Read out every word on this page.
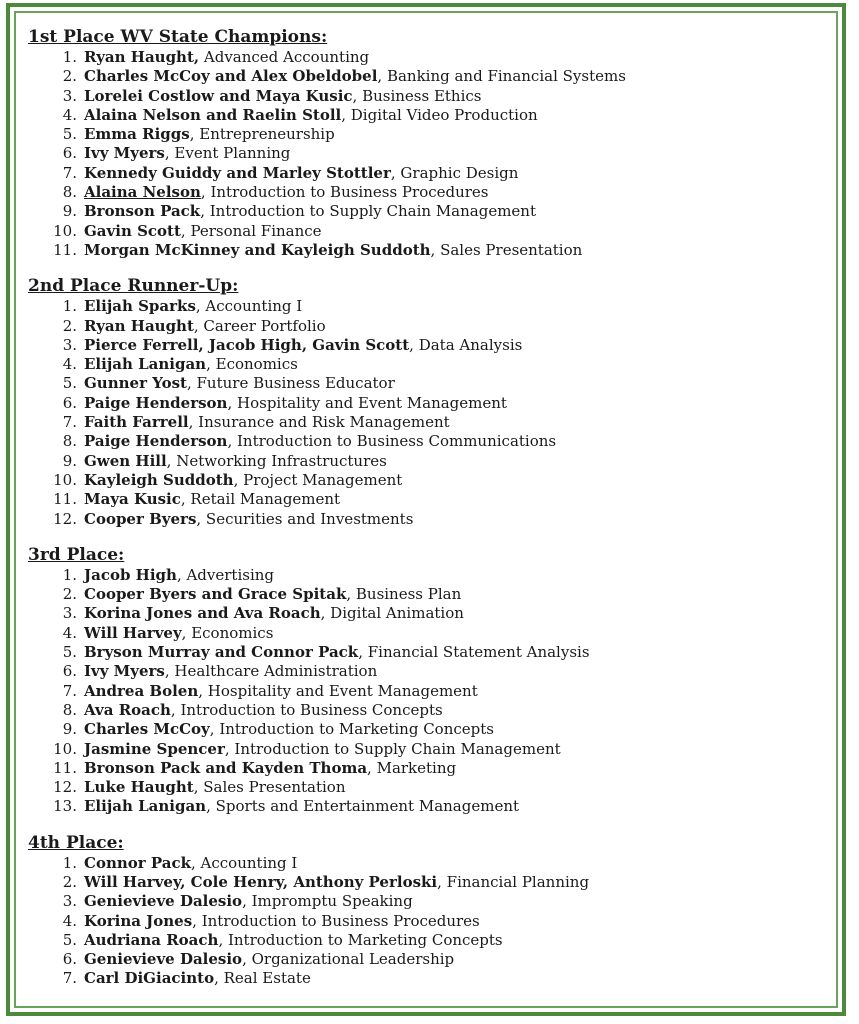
1st Place WV State Champions:
1. Ryan Haught, Advanced Accounting
2. Charles McCoy and Alex Obeldobel, Banking and Financial Systems
3. Lorelei Costlow and Maya Kusic, Business Ethics
4. Alaina Nelson and Raelin Stoll, Digital Video Production
5. Emma Riggs, Entrepreneurship
6. Ivy Myers, Event Planning
7. Kennedy Guiddy and Marley Stottler, Graphic Design
8. Alaina Nelson, Introduction to Business Procedures
9. Bronson Pack, Introduction to Supply Chain Management
10. Gavin Scott, Personal Finance
11. Morgan McKinney and Kayleigh Suddoth, Sales Presentation
2nd Place Runner-Up:
1. Elijah Sparks, Accounting I
2. Ryan Haught, Career Portfolio
3. Pierce Ferrell, Jacob High, Gavin Scott, Data Analysis
4. Elijah Lanigan, Economics
5. Gunner Yost, Future Business Educator
6. Paige Henderson, Hospitality and Event Management
7. Faith Farrell, Insurance and Risk Management
8. Paige Henderson, Introduction to Business Communications
9. Gwen Hill, Networking Infrastructures
10. Kayleigh Suddoth, Project Management
11. Maya Kusic, Retail Management
12. Cooper Byers, Securities and Investments
3rd Place:
1. Jacob High, Advertising
2. Cooper Byers and Grace Spitak, Business Plan
3. Korina Jones and Ava Roach, Digital Animation
4. Will Harvey, Economics
5. Bryson Murray and Connor Pack, Financial Statement Analysis
6. Ivy Myers, Healthcare Administration
7. Andrea Bolen, Hospitality and Event Management
8. Ava Roach, Introduction to Business Concepts
9. Charles McCoy, Introduction to Marketing Concepts
10. Jasmine Spencer, Introduction to Supply Chain Management
11. Bronson Pack and Kayden Thoma, Marketing
12. Luke Haught, Sales Presentation
13. Elijah Lanigan, Sports and Entertainment Management
4th Place:
1. Connor Pack, Accounting I
2. Will Harvey, Cole Henry, Anthony Perloski, Financial Planning
3. Genievieve Dalesio, Impromptu Speaking
4. Korina Jones, Introduction to Business Procedures
5. Audriana Roach, Introduction to Marketing Concepts
6. Genievieve Dalesio, Organizational Leadership
7. Carl DiGiacinto, Real Estate
